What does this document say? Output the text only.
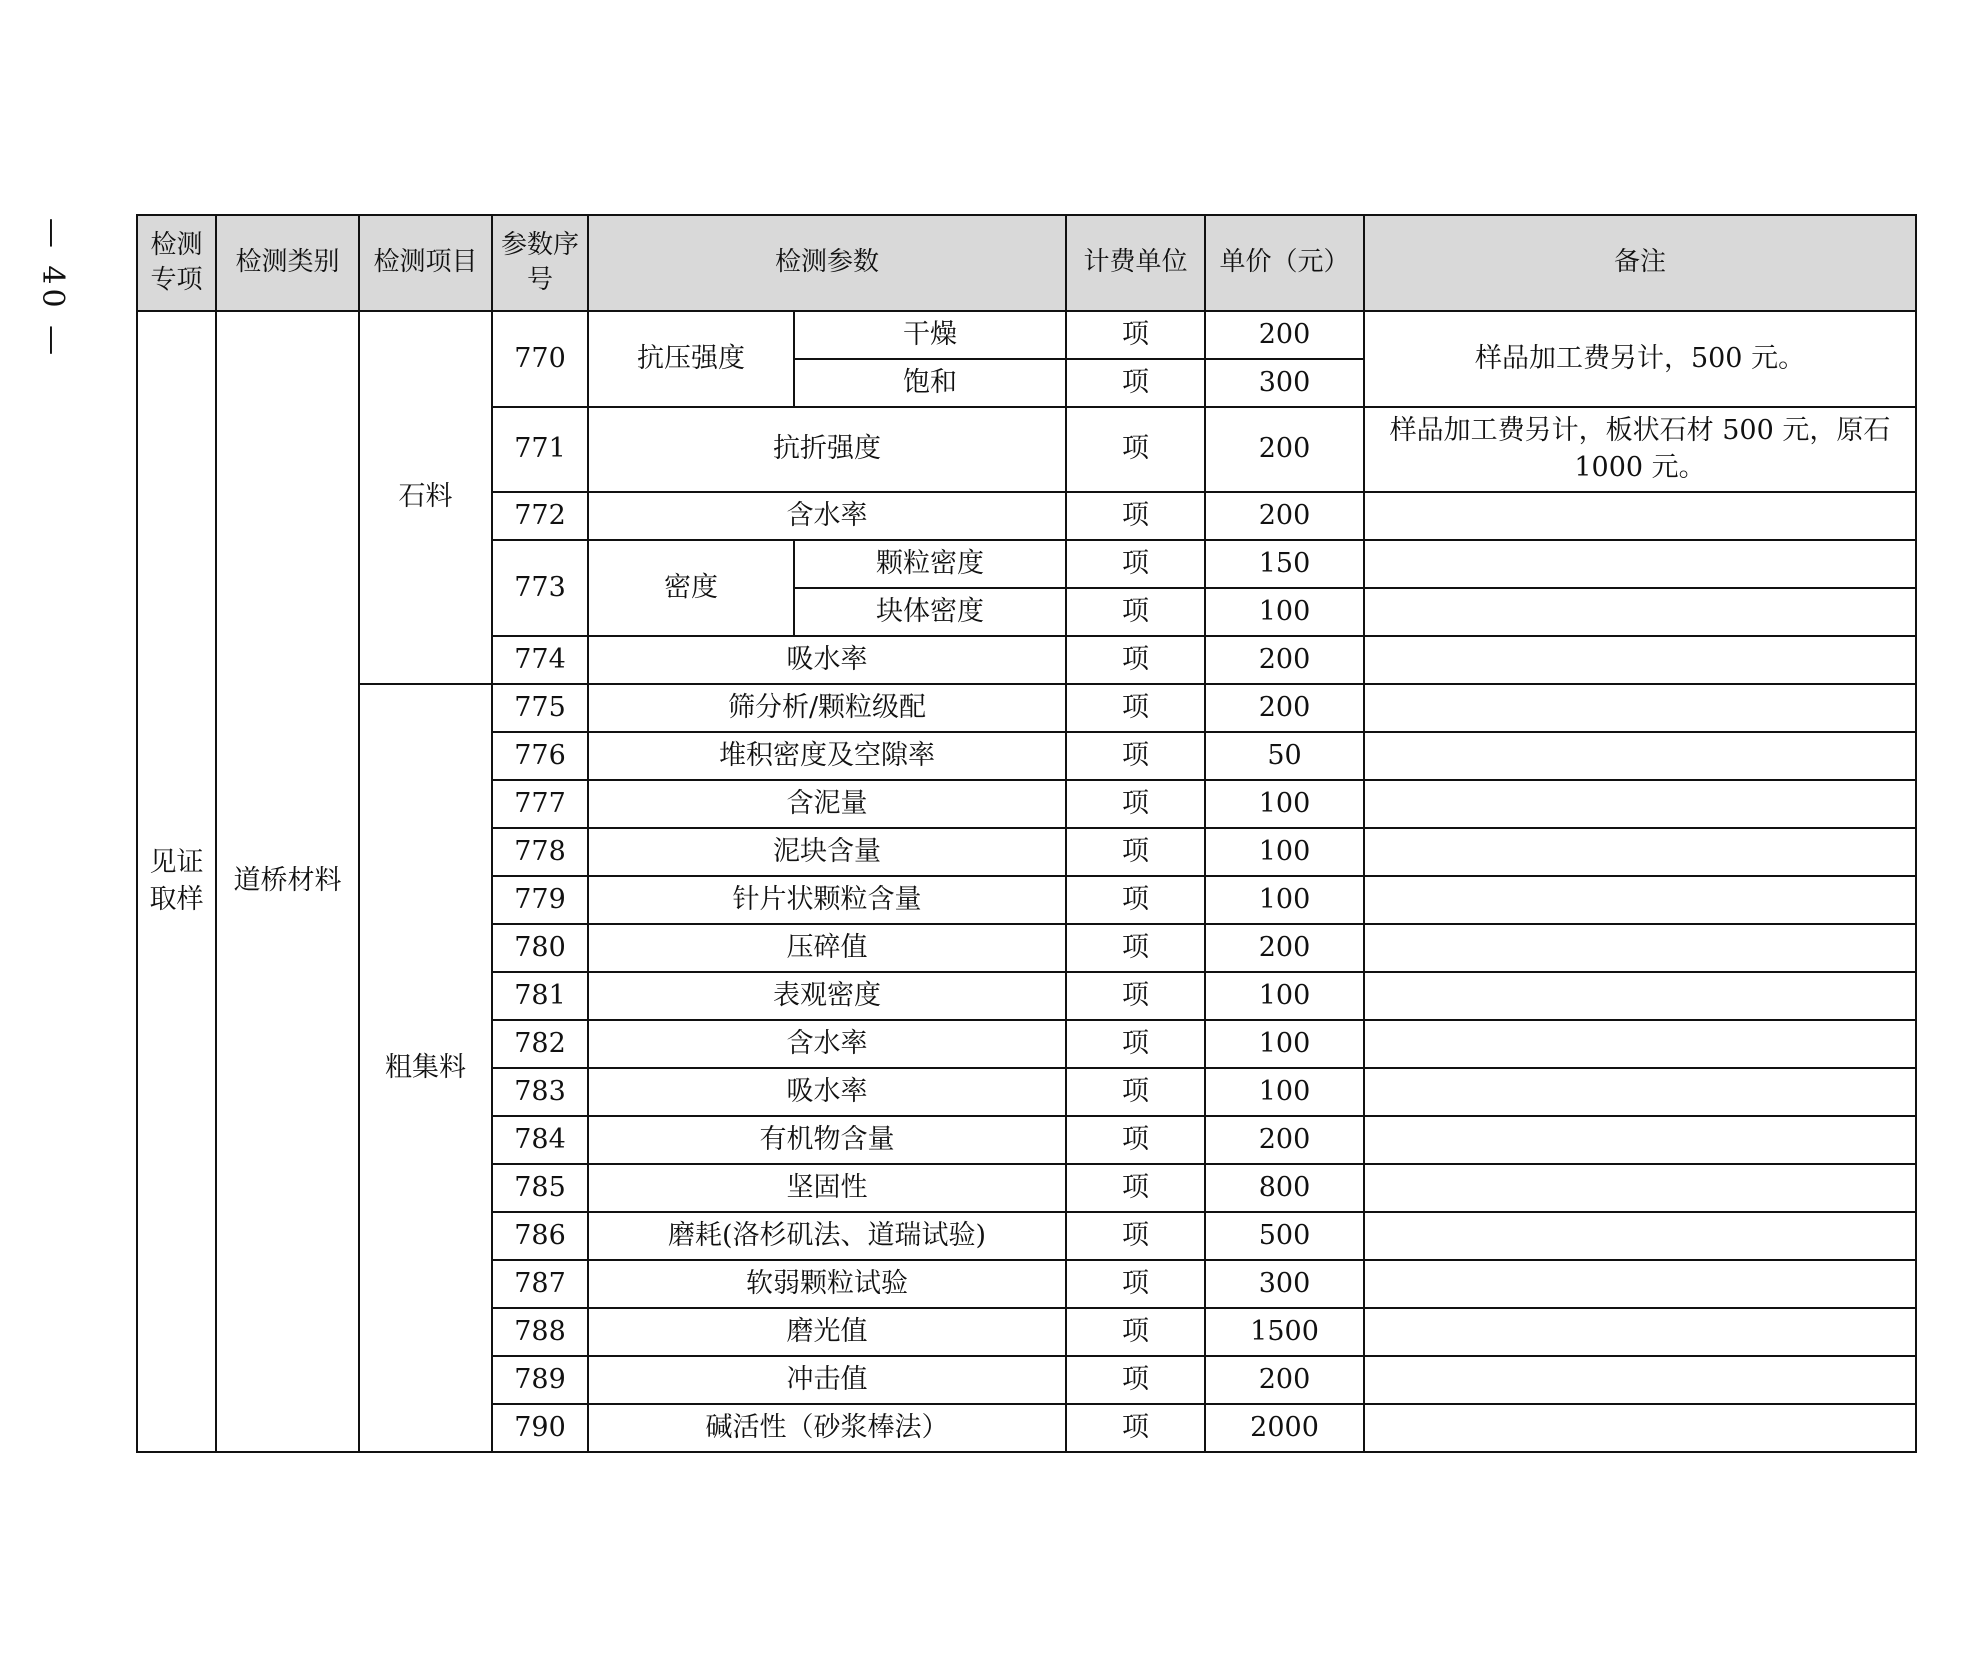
— 40 —	检测专项	检测类别	检测项目	参数序号	检测参数		计费单位	单价（元）	备注
见证取样	道桥材料	石料	770	抗压强度	干燥	项	200	样品加工费另计，500 元。
					饱和	项	300	
			771	抗折强度		项	200	样品加工费另计，板状石材 500 元，原石 1000 元。
			772	含水率		项	200	
			773	密度	颗粒密度	项	150	
					块体密度	项	100	
			774	吸水率		项	200	
		粗集料	775	筛分析/颗粒级配		项	200	
			776	堆积密度及空隙率		项	50	
			777	含泥量		项	100	
			778	泥块含量		项	100	
			779	针片状颗粒含量		项	100	
			780	压碎值		项	200	
			781	表观密度		项	100	
			782	含水率		项	100	
			783	吸水率		项	100	
			784	有机物含量		项	200	
			785	坚固性		项	800	
			786	磨耗(洛杉矶法、道瑞试验)		项	500	
			787	软弱颗粒试验		项	300	
			788	磨光值		项	1500	
			789	冲击值		项	200	
			790	碱活性（砂浆棒法）		项	2000	
